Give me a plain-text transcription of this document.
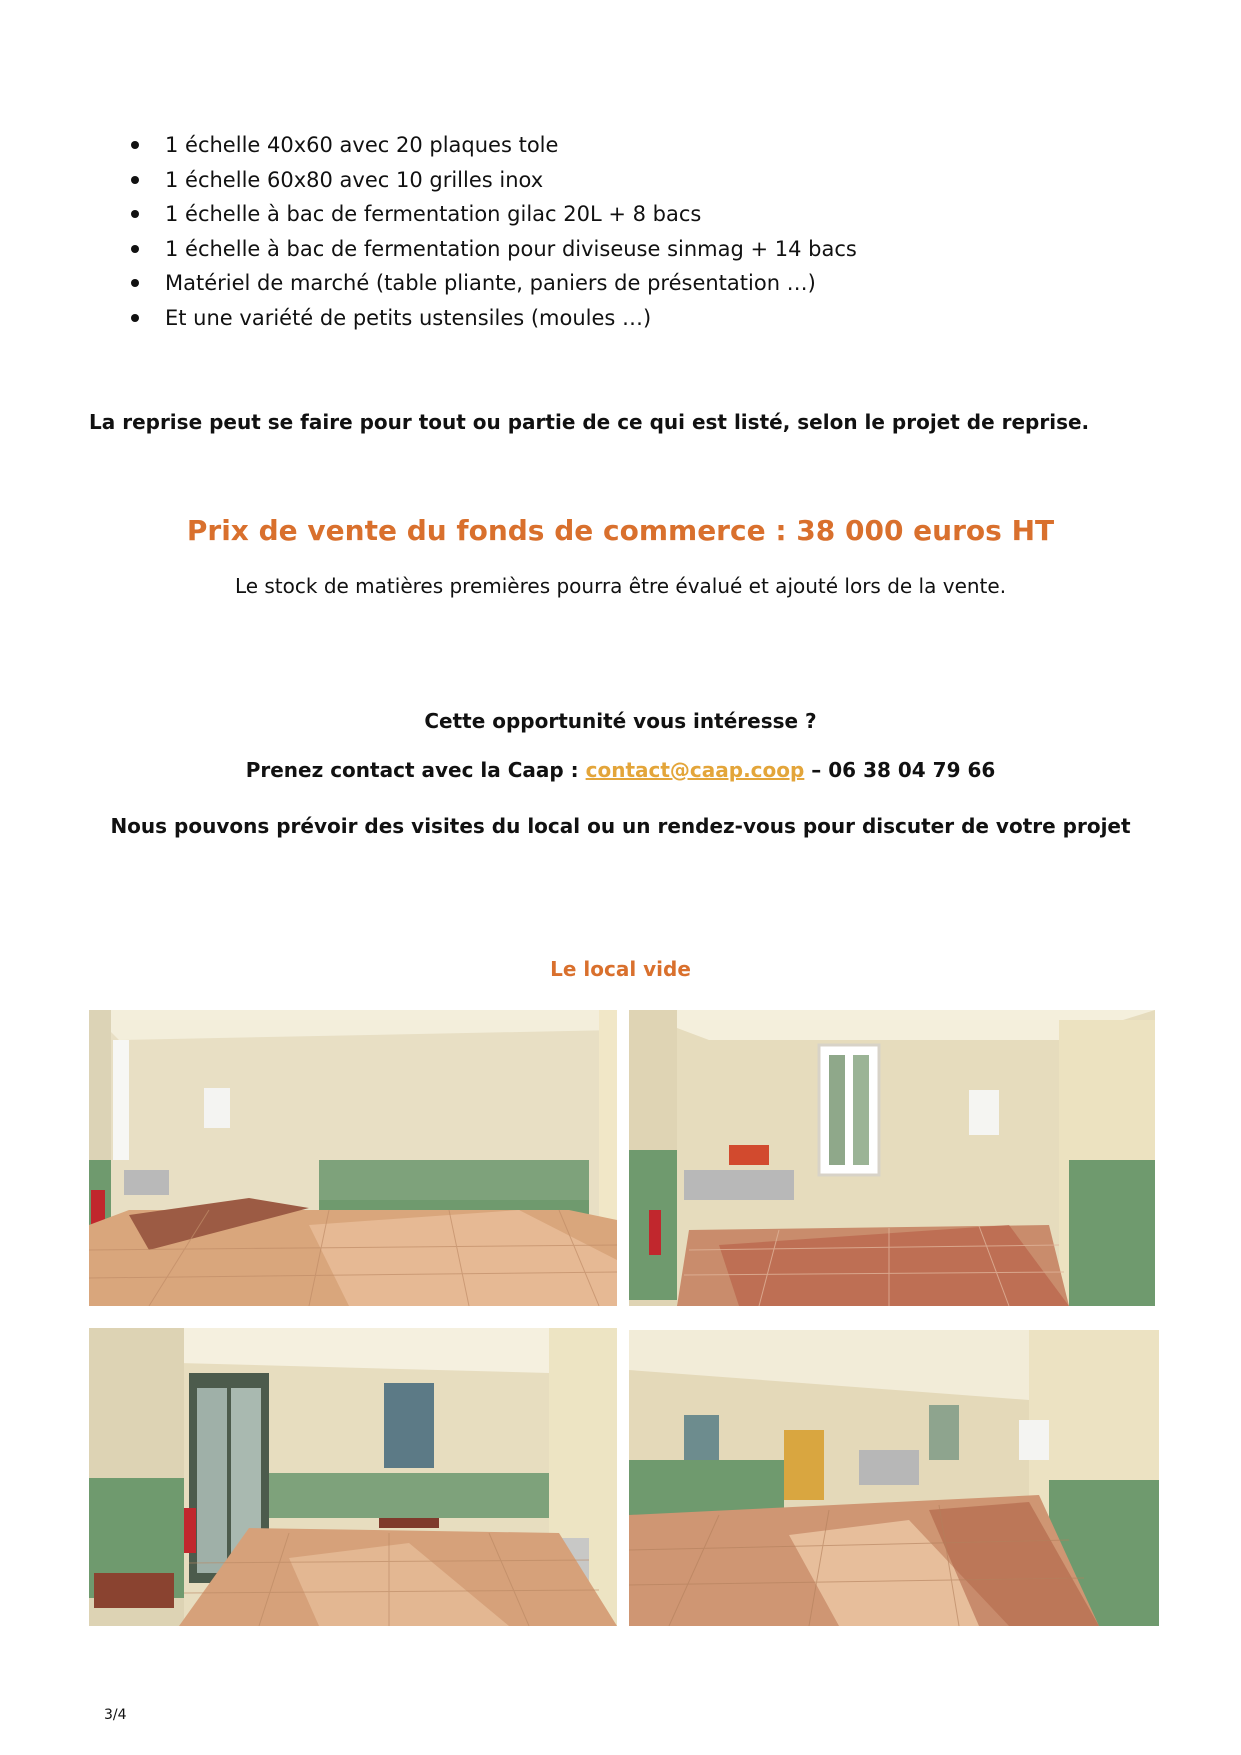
1 échelle 40x60 avec 20 plaques tole
1 échelle 60x80 avec 10 grilles inox
1 échelle à bac de fermentation gilac 20L + 8 bacs
1 échelle à bac de fermentation pour diviseuse sinmag + 14 bacs
Matériel de marché (table pliante, paniers de présentation …)
Et une variété de petits ustensiles (moules …)
La reprise peut se faire pour tout ou partie de ce qui est listé, selon le projet de reprise.
Prix de vente du fonds de commerce : 38 000 euros HT
Le stock de matières premières pourra être évalué et ajouté lors de la vente.
Cette opportunité vous intéresse ?
Prenez contact avec la Caap : contact@caap.coop – 06 38 04 79 66
Nous pouvons prévoir des visites du local ou un rendez-vous pour discuter de votre projet
Le local vide
3/4
